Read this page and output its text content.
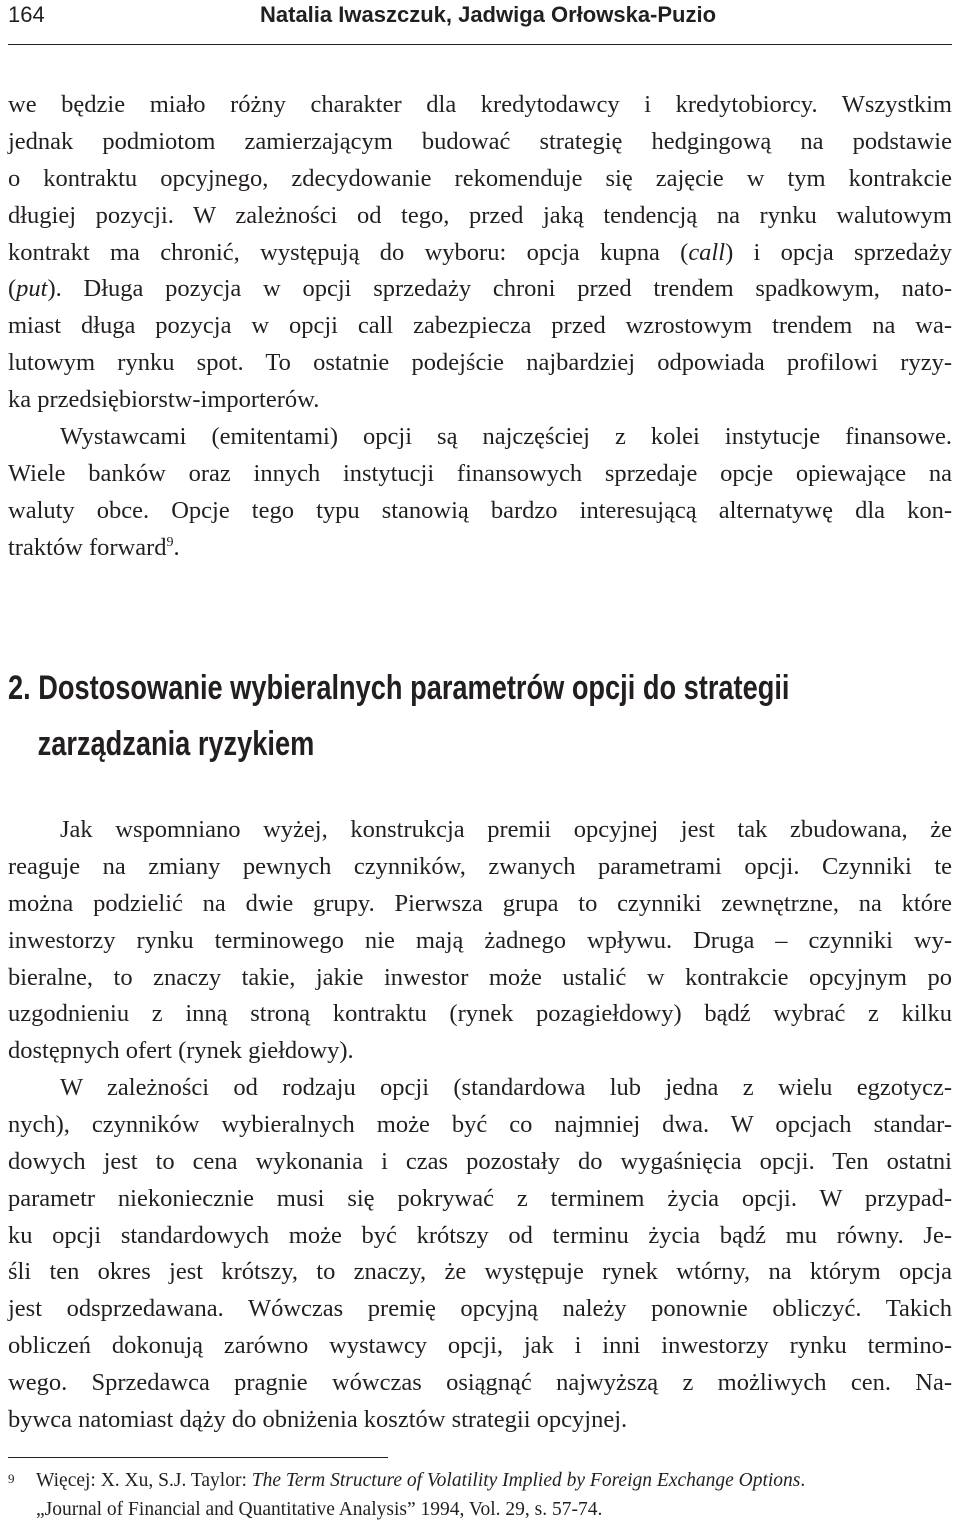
164	Natalia Iwaszczuk, Jadwiga Orłowska-Puzio
we będzie miało różny charakter dla kredytodawcy i kredytobiorcy. Wszystkim
jednak podmiotom zamierzającym budować strategię hedgingową na podstawie
o kontraktu opcyjnego, zdecydowanie rekomenduje się zajęcie w tym kontrakcie
długiej pozycji. W zależności od tego, przed jaką tendencją na rynku walutowym
kontrakt ma chronić, występują do wyboru: opcja kupna (call) i opcja sprzedaży
(put). Długa pozycja w opcji sprzedaży chroni przed trendem spadkowym, nato-
miast długa pozycja w opcji call zabezpiecza przed wzrostowym trendem na wa-
lutowym rynku spot. To ostatnie podejście najbardziej odpowiada profilowi ryzy-
ka przedsiębiorstw-importerów.
Wystawcami (emitentami) opcji są najczęściej z kolei instytucje finansowe.
Wiele banków oraz innych instytucji finansowych sprzedaje opcje opiewające na
waluty obce. Opcje tego typu stanowią bardzo interesującą alternatywę dla kon-
traktów forward$^9$.
2. Dostosowanie wybieralnych parametrów opcji do strategii
zarządzania ryzykiem
Jak wspomniano wyżej, konstrukcja premii opcyjnej jest tak zbudowana, że
reaguje na zmiany pewnych czynników, zwanych parametrami opcji. Czynniki te
można podzielić na dwie grupy. Pierwsza grupa to czynniki zewnętrzne, na które
inwestorzy rynku terminowego nie mają żadnego wpływu. Druga – czynniki wy-
bieralne, to znaczy takie, jakie inwestor może ustalić w kontrakcie opcyjnym po
uzgodnieniu z inną stroną kontraktu (rynek pozagiełdowy) bądź wybrać z kilku
dostępnych ofert (rynek giełdowy).
W zależności od rodzaju opcji (standardowa lub jedna z wielu egzotycz-
nych), czynników wybieralnych może być co najmniej dwa. W opcjach standar-
dowych jest to cena wykonania i czas pozostały do wygaśnięcia opcji. Ten ostatni
parametr niekoniecznie musi się pokrywać z terminem życia opcji. W przypad-
ku opcji standardowych może być krótszy od terminu życia bądź mu równy. Je-
śli ten okres jest krótszy, to znaczy, że występuje rynek wtórny, na którym opcja
jest odsprzedawana. Wówczas premię opcyjną należy ponownie obliczyć. Takich
obliczeń dokonują zarówno wystawcy opcji, jak i inni inwestorzy rynku termino-
wego. Sprzedawca pragnie wówczas osiągnąć najwyższą z możliwych cen. Na-
bywca natomiast dąży do obniżenia kosztów strategii opcyjnej.
9	Więcej: X. Xu, S.J. Taylor: The Term Structure of Volatility Implied by Foreign Exchange Options.
„Journal of Financial and Quantitative Analysis” 1994, Vol. 29, s. 57-74.
